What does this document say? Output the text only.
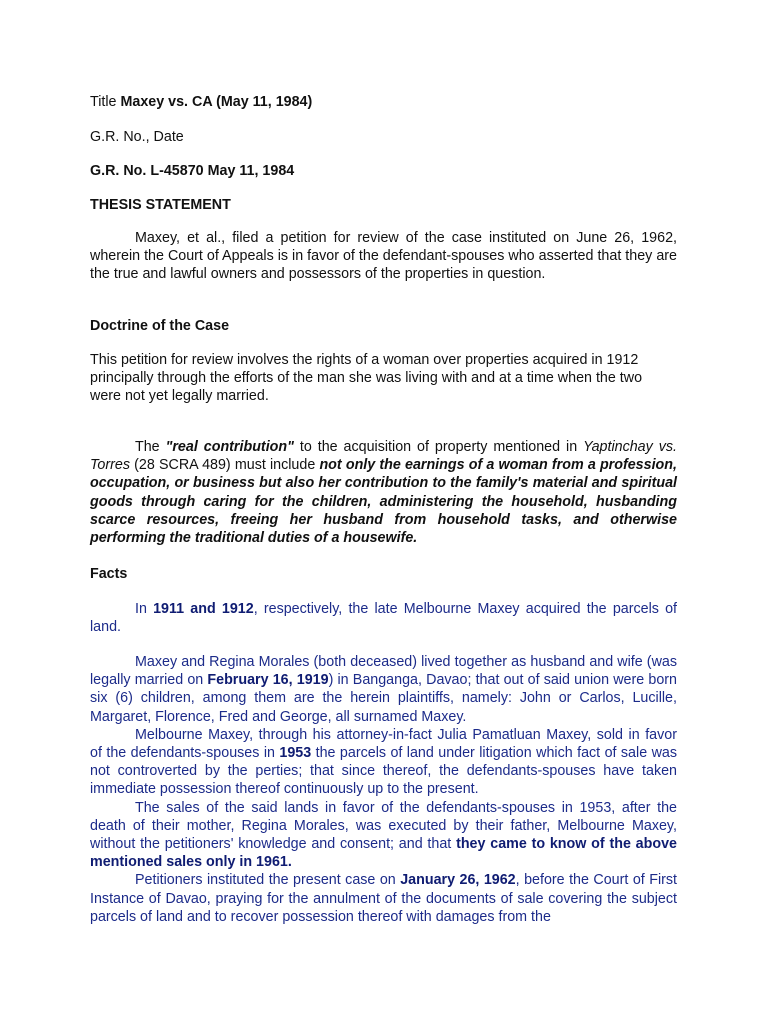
Title Maxey vs. CA (May 11, 1984)

G.R. No., Date

G.R. No. L-45870 May 11, 1984

THESIS STATEMENT

Maxey, et al., filed a petition for review of the case instituted on June 26, 1962, wherein the Court of Appeals is in favor of the defendant-spouses who asserted that they are the true and lawful owners and possessors of the properties in question.

Doctrine of the Case

This petition for review involves the rights of a woman over properties acquired in 1912 principally through the efforts of the man she was living with and at a time when the two were not yet legally married.

The "real contribution" to the acquisition of property mentioned in Yaptinchay vs. Torres (28 SCRA 489) must include not only the earnings of a woman from a profession, occupation, or business but also her contribution to the family's material and spiritual goods through caring for the children, administering the household, husbanding scarce resources, freeing her husband from household tasks, and otherwise performing the traditional duties of a housewife.

Facts

In 1911 and 1912, respectively, the late Melbourne Maxey acquired the parcels of land.

Maxey and Regina Morales (both deceased) lived together as husband and wife (was legally married on February 16, 1919) in Banganga, Davao; that out of said union were born six (6) children, among them are the herein plaintiffs, namely: John or Carlos, Lucille, Margaret, Florence, Fred and George, all surnamed Maxey.

Melbourne Maxey, through his attorney-in-fact Julia Pamatluan Maxey, sold in favor of the defendants-spouses in 1953 the parcels of land under litigation which fact of sale was not controverted by the perties; that since thereof, the defendants-spouses have taken immediate possession thereof continuously up to the present.

The sales of the said lands in favor of the defendants-spouses in 1953, after the death of their mother, Regina Morales, was executed by their father, Melbourne Maxey, without the petitioners' knowledge and consent; and that they came to know of the above mentioned sales only in 1961.

Petitioners instituted the present case on January 26, 1962, before the Court of First Instance of Davao, praying for the annulment of the documents of sale covering the subject parcels of land and to recover possession thereof with damages from the
